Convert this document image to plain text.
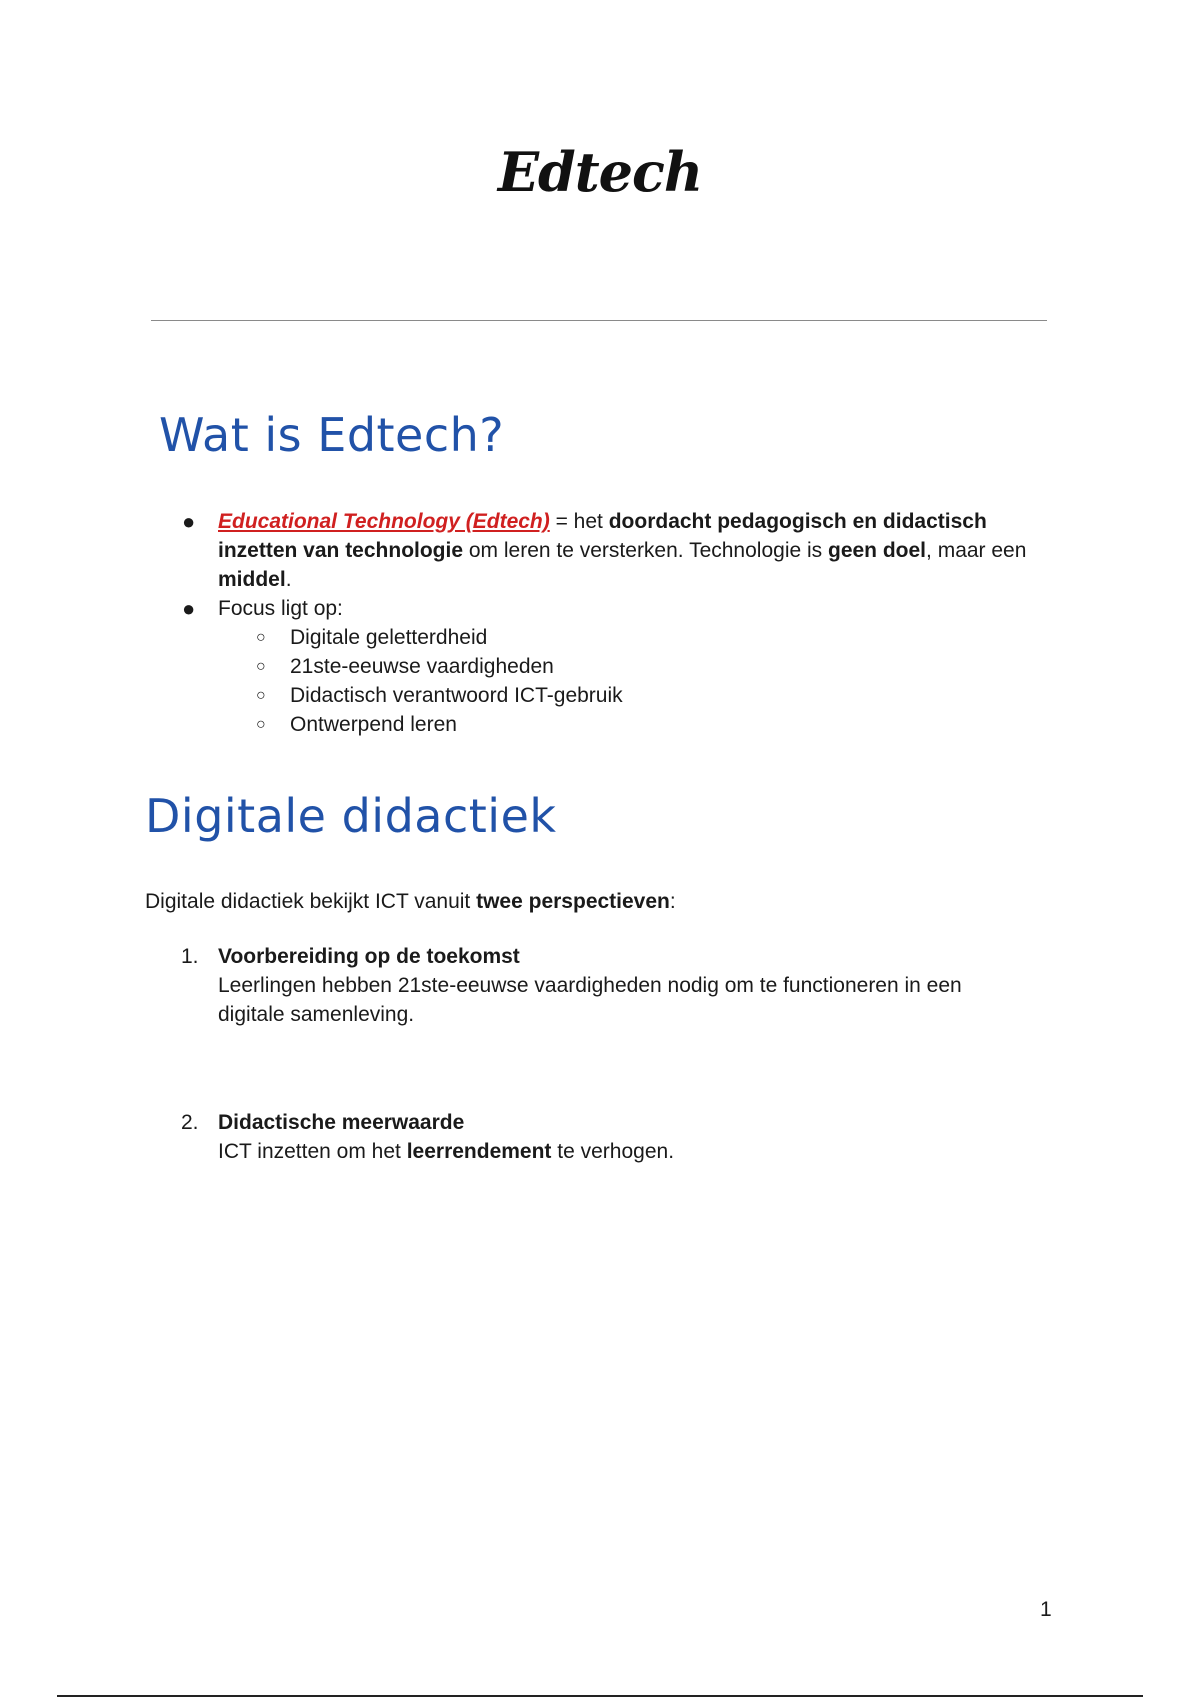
Edtech
Wat is Edtech?
● Educational Technology (Edtech) = het doordacht pedagogisch en didactisch inzetten van technologie om leren te versterken. Technologie is geen doel, maar een middel.
● Focus ligt op:
○ Digitale geletterdheid
○ 21ste-eeuwse vaardigheden
○ Didactisch verantwoord ICT-gebruik
○ Ontwerpend leren
Digitale didactiek
Digitale didactiek bekijkt ICT vanuit twee perspectieven:
1. Voorbereiding op de toekomst
Leerlingen hebben 21ste-eeuwse vaardigheden nodig om te functioneren in een digitale samenleving.
2. Didactische meerwaarde
ICT inzetten om het leerrendement te verhogen.
1
